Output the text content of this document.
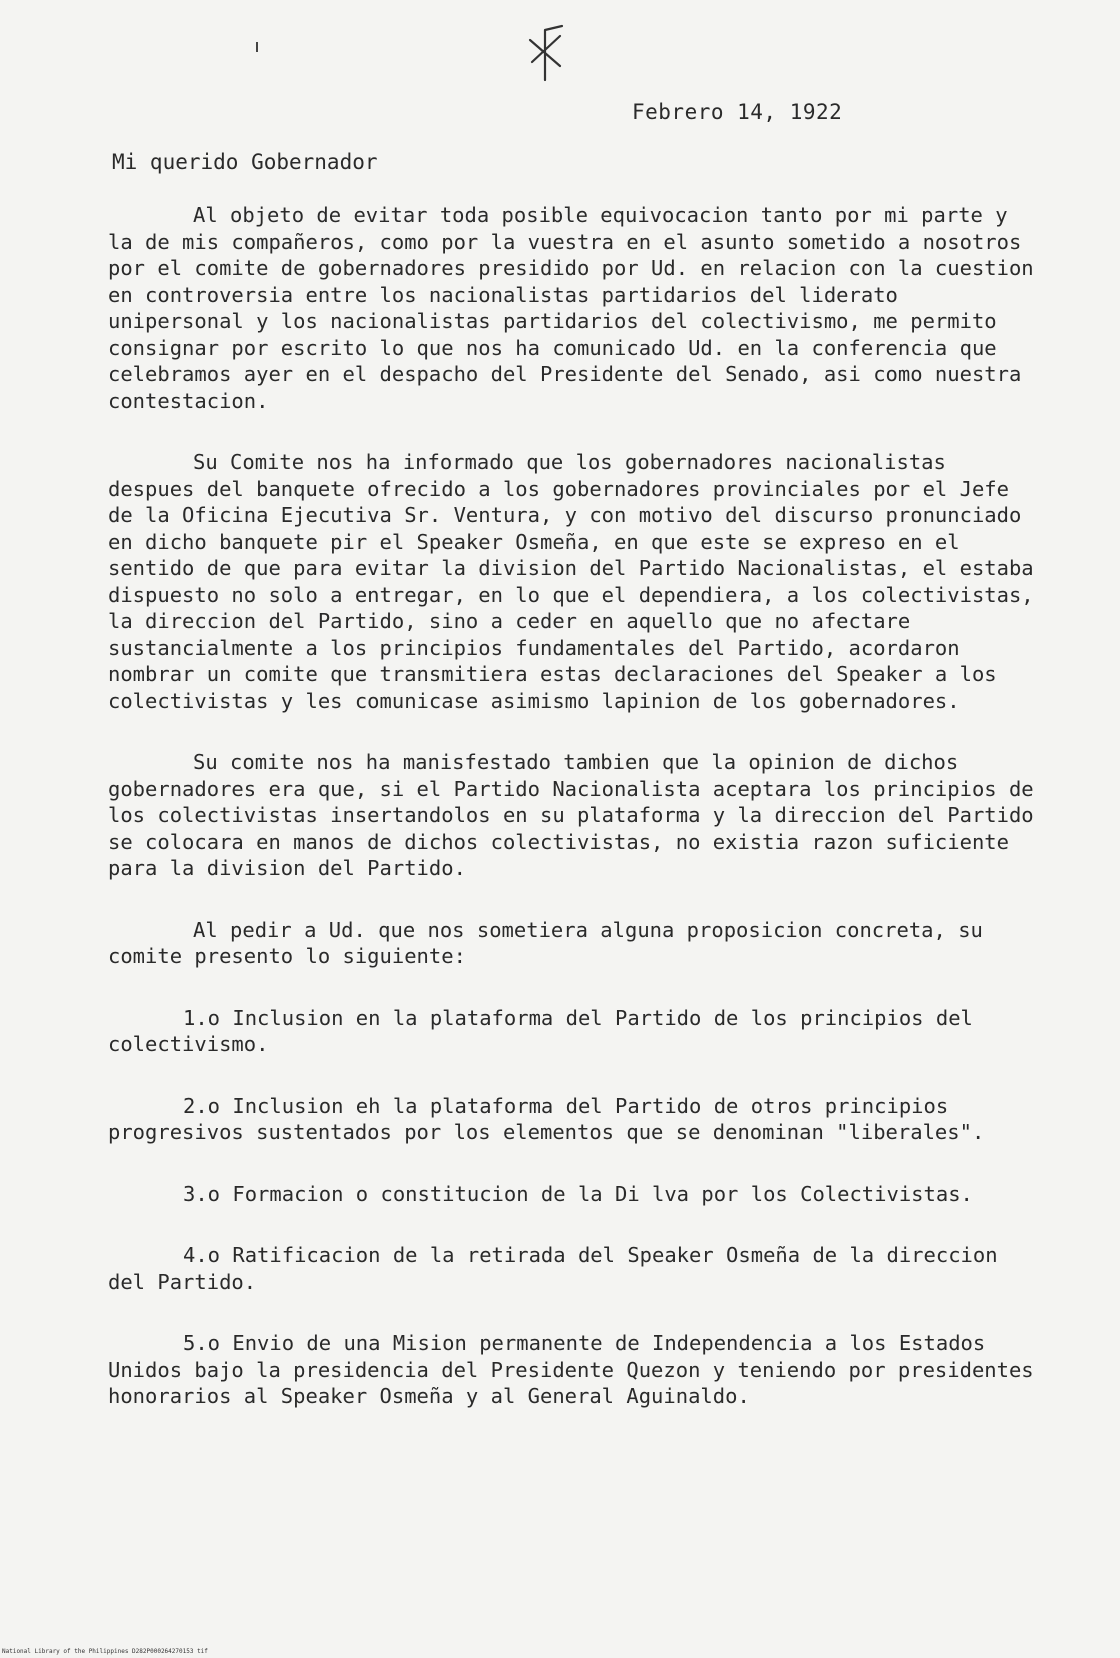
Febrero 14, 1922
Mi querido Gobernador

Al objeto de evitar toda posible equivocacion tanto por mi parte y la de mis compañeros, como por la vuestra en el asunto sometido a nosotros por el comite de gobernadores presidido por Ud. en relacion con la cuestion en controversia entre los nacionalistas partidarios del liderato unipersonal y los nacionalistas partidarios del colectivismo, me permito consignar por escrito lo que nos ha comunicado Ud. en la conferencia que celebramos ayer en el despacho del Presidente del Senado, asi como nuestra contestacion.

Su Comite nos ha informado que los gobernadores nacionalistas despues del banquete ofrecido a los gobernadores provinciales por el Jefe de la Oficina Ejecutiva Sr. Ventura, y con motivo del discurso pronunciado en dicho banquete pir el Speaker Osmeña, en que este se expreso en el sentido de que para evitar la division del Partido Nacionalistas, el estaba dispuesto no solo a entregar, en lo que el dependiera, a los colectivistas, la direccion del Partido, sino a ceder en aquello que no afectare sustancialmente a los principios fundamentales del Partido, acordaron nombrar un comite que transmitiera estas declaraciones del Speaker a los colectivistas y les comunicase asimismo lapinion de los gobernadores.

Su comite nos ha manisfestado tambien que la opinion de dichos gobernadores era que, si el Partido Nacionalista aceptara los principios de los colectivistas insertandolos en su plataforma y la direccion del Partido se colocara en manos de dichos colectivistas, no existia razon suficiente para la division del Partido.

Al pedir a Ud. que nos sometiera alguna proposicion concreta, su comite presento lo siguiente:

1.o Inclusion en la plataforma del Partido de los principios del colectivismo.

2.o Inclusion eh la plataforma del Partido de otros principios progresivos sustentados por los elementos que se denominan "liberales".

3.o Formacion o constitucion de la Di lva por los Colectivistas.

4.o Ratificacion de la retirada del Speaker Osmeña de la direccion del Partido.

5.o Envio de una Mision permanente de Independencia a los Estados Unidos bajo la presidencia del Presidente Quezon y teniendo por presidentes honorarios al Speaker Osmeña y al General Aguinaldo.

National Library of the Philippines D282P000264270153 tif
